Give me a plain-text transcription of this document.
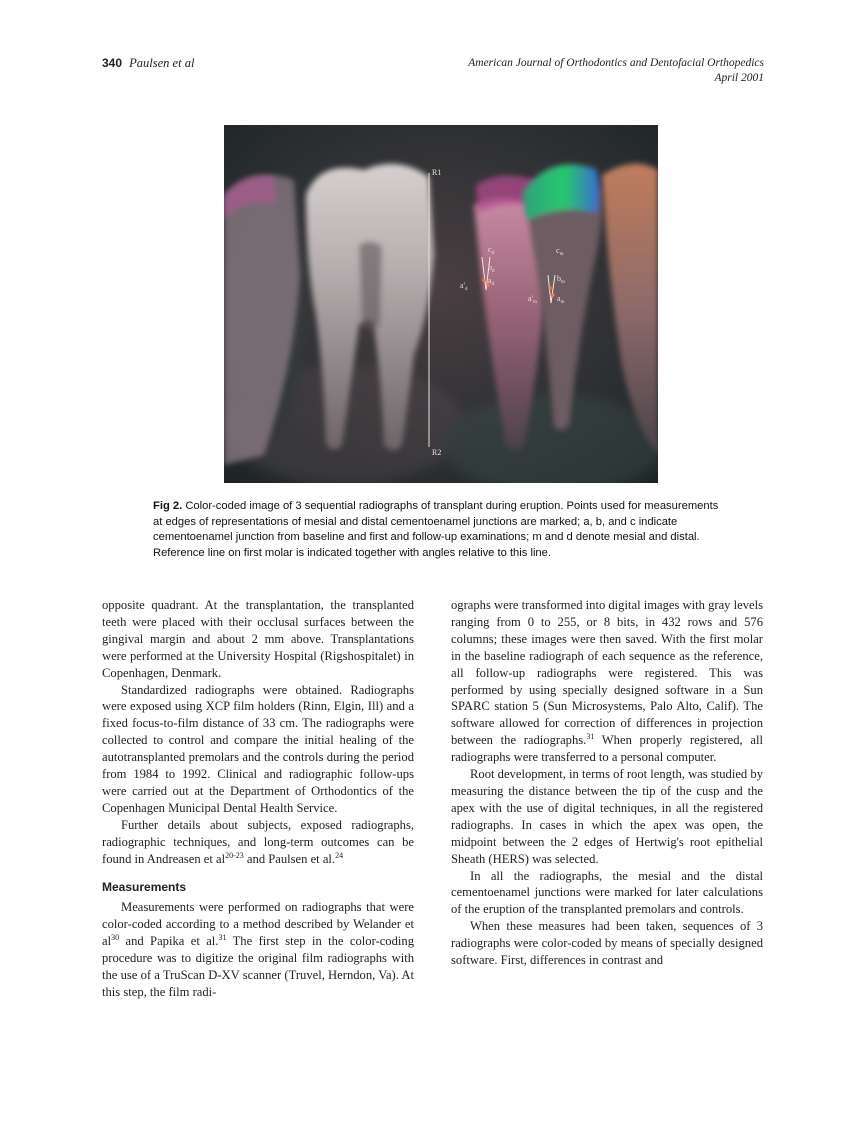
340 Paulsen et al	American Journal of Orthodontics and Dentofacial Orthopedics
April 2001
R1
R2
$c_d$
$b_d$
$a_d$
$a'_d$
$c_m$
$b_m$
$a_m$
$a'_m$
Fig 2. Color-coded image of 3 sequential radiographs of transplant during eruption. Points used for measurements at edges of representations of mesial and distal cementoenamel junctions are marked; a, b, and c indicate cementoenamel junction from baseline and first and follow-up examinations; m and d denote mesial and distal. Reference line on first molar is indicated together with angles relative to this line.

opposite quadrant. At the transplantation, the transplanted teeth were placed with their occlusal surfaces between the gingival margin and about 2 mm above. Transplantations were performed at the University Hospital (Rigshospitalet) in Copenhagen, Denmark.

Standardized radiographs were obtained. Radiographs were exposed using XCP film holders (Rinn, Elgin, Ill) and a fixed focus-to-film distance of 33 cm. The radiographs were collected to control and compare the initial healing of the autotransplanted premolars and the controls during the period from 1984 to 1992. Clinical and radiographic follow-ups were carried out at the Department of Orthodontics of the Copenhagen Municipal Dental Health Service.

Further details about subjects, exposed radiographs, radiographic techniques, and long-term outcomes can be found in Andreasen et $al^{20-23}$ and Paulsen et al.$^{24}$

Measurements

Measurements were performed on radiographs that were color-coded according to a method described by Welander et $al^{30}$ and Papika et al.$^{31}$ The first step in the color-coding procedure was to digitize the original film radiographs with the use of a TruScan D-XV scanner (Truvel, Herndon, Va). At this step, the film radi-

ographs were transformed into digital images with gray levels ranging from 0 to 255, or 8 bits, in 432 rows and 576 columns; these images were then saved. With the first molar in the baseline radiograph of each sequence as the reference, all follow-up radiographs were registered. This was performed by using specially designed software in a Sun SPARC station 5 (Sun Microsystems, Palo Alto, Calif). The software allowed for correction of differences in projection between the radiographs.$^{31}$ When properly registered, all radiographs were transferred to a personal computer.

Root development, in terms of root length, was studied by measuring the distance between the tip of the cusp and the apex with the use of digital techniques, in all the registered radiographs. In cases in which the apex was open, the midpoint between the 2 edges of Hertwig's root epithelial Sheath (HERS) was selected.

In all the radiographs, the mesial and the distal cementoenamel junctions were marked for later calculations of the eruption of the transplanted premolars and controls.

When these measures had been taken, sequences of 3 radiographs were color-coded by means of specially designed software. First, differences in contrast and
